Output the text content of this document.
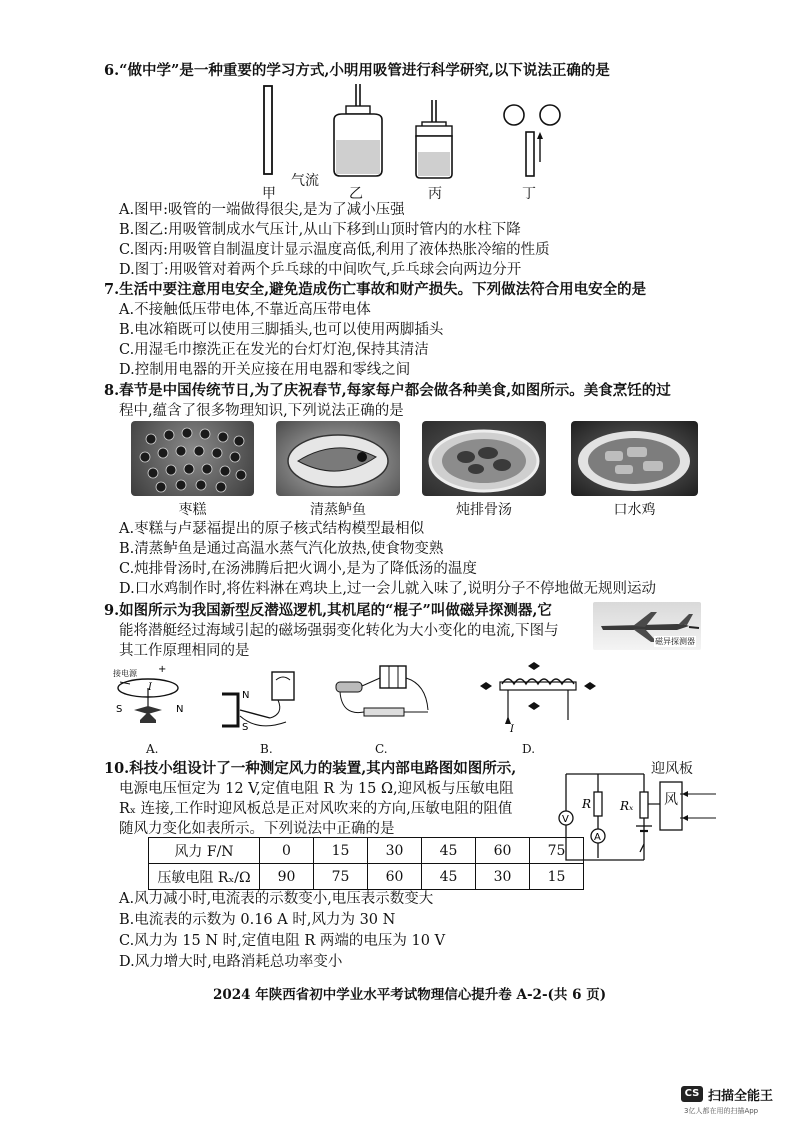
6.“做中学”是一种重要的学习方式,小明用吸管进行科学研究,以下说法正确的是
气流
甲	乙	丙	丁
A.图甲:吸管的一端做得很尖,是为了减小压强
B.图乙:用吸管制成水气压计,从山下移到山顶时管内的水柱下降
C.图丙:用吸管自制温度计显示温度高低,利用了液体热胀冷缩的性质
D.图丁:用吸管对着两个乒乓球的中间吹气,乒乓球会向两边分开
7.生活中要注意用电安全,避免造成伤亡事故和财产损失。下列做法符合用电安全的是
A.不接触低压带电体,不靠近高压带电体
B.电冰箱既可以使用三脚插头,也可以使用两脚插头
C.用湿毛巾擦洗正在发光的台灯灯泡,保持其清洁
D.控制用电器的开关应接在用电器和零线之间
8.春节是中国传统节日,为了庆祝春节,每家每户都会做各种美食,如图所示。美食烹饪的过
程中,蕴含了很多物理知识,下列说法正确的是
枣糕	清蒸鲈鱼	炖排骨汤	口水鸡
A.枣糕与卢瑟福提出的原子核式结构模型最相似
B.清蒸鲈鱼是通过高温水蒸气汽化放热,使食物变熟
C.炖排骨汤时,在汤沸腾后把火调小,是为了降低汤的温度
D.口水鸡制作时,将佐料淋在鸡块上,过一会儿就入味了,说明分子不停地做无规则运动
9.如图所示为我国新型反潜巡逻机,其机尾的“棍子”叫做磁异探测器,它
能将潜艇经过海域引起的磁场强弱变化转化为大小变化的电流,下图与
其工作原理相同的是
磁异探测器
+
I
S	N
N
S	I
接电源
A.	B.	C.	D.
10.科技小组设计了一种测定风力的装置,其内部电路图如图所示,
电源电压恒定为 12 V,定值电阻 R 为 15 Ω,迎风板与压敏电阻
Rₓ 连接,工作时迎风板总是正对风吹来的方向,压敏电阻的阻值
随风力变化如表所示。下列说法中正确的是
迎风板
A
R
V
Rₓ 风
风力 F/N	0	15	30	45	60	75
压敏电阻 Rₓ/Ω	90	75	60	45	30	15
A.风力减小时,电流表的示数变小,电压表示数变大
B.电流表的示数为 0.16 A 时,风力为 30 N
C.风力为 15 N 时,定值电阻 R 两端的电压为 10 V
D.风力增大时,电路消耗总功率变小
2024 年陕西省初中学业水平考试物理信心提升卷 A-2-(共 6 页)
CS 扫描全能王
3亿人都在用的扫描App
